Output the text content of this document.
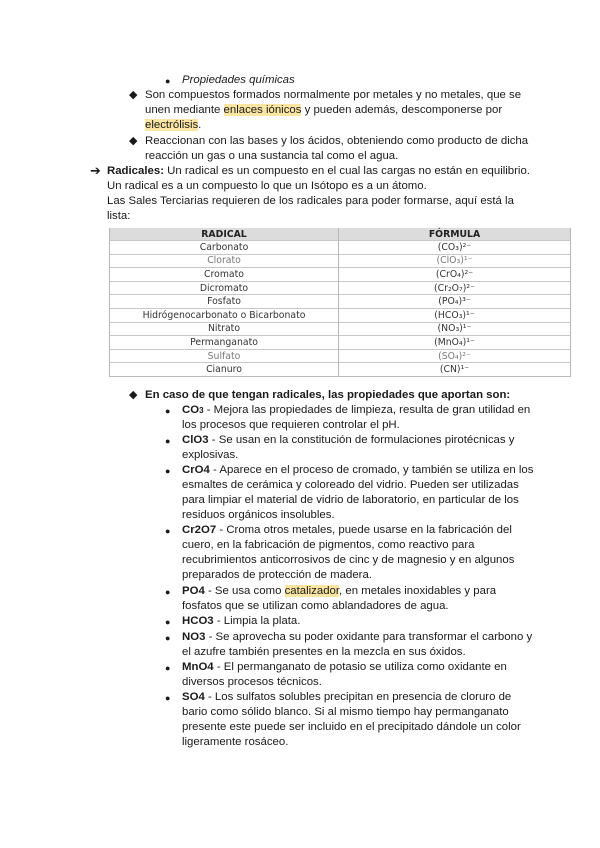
● Propiedades químicas
◆ Son compuestos formados normalmente por metales y no metales, que se
unen mediante enlaces iónicos y pueden además, descomponerse por
electrólisis.
◆ Reaccionan con las bases y los ácidos, obteniendo como producto de dicha
reacción un gas o una sustancia tal como el agua.
➔ Radicales: Un radical es un compuesto en el cual las cargas no están en equilibrio.
Un radical es a un compuesto lo que un Isótopo es a un átomo.
Las Sales Terciarias requieren de los radicales para poder formarse, aquí está la
lista:
RADICAL	FÓRMULA
Carbonato	(CO₃)²⁻
Clorato	(ClO₃)¹⁻
Cromato	(CrO₄)²⁻
Dicromato	(Cr₂O₇)²⁻
Fosfato	(PO₄)³⁻
Hidrógenocarbonato o Bicarbonato	(HCO₃)¹⁻
Nitrato	(NO₃)¹⁻
Permanganato	(MnO₄)¹⁻
Sulfato	(SO₄)²⁻
Cianuro	(CN)¹⁻
◆ En caso de que tengan radicales, las propiedades que aportan son:
● CO3 - Mejora las propiedades de limpieza, resulta de gran utilidad en
los procesos que requieren controlar el pH.
● ClO3 - Se usan en la constitución de formulaciones pirotécnicas y
explosivas.
● CrO4 - Aparece en el proceso de cromado, y también se utiliza en los
esmaltes de cerámica y coloreado del vidrio. Pueden ser utilizadas
para limpiar el material de vidrio de laboratorio, en particular de los
residuos orgánicos insolubles.
● Cr2O7 - Croma otros metales, puede usarse en la fabricación del
cuero, en la fabricación de pigmentos, como reactivo para
recubrimientos anticorrosivos de cinc y de magnesio y en algunos
preparados de protección de madera.
● PO4 - Se usa como catalizador, en metales inoxidables y para
fosfatos que se utilizan como ablandadores de agua.
● HCO3 - Limpia la plata.
● NO3 - Se aprovecha su poder oxidante para transformar el carbono y
el azufre también presentes en la mezcla en sus óxidos.
● MnO4 - El permanganato de potasio se utiliza como oxidante en
diversos procesos técnicos.
● SO4 - Los sulfatos solubles precipitan en presencia de cloruro de
bario como sólido blanco. Si al mismo tiempo hay permanganato
presente este puede ser incluido en el precipitado dándole un color
ligeramente rosáceo.
